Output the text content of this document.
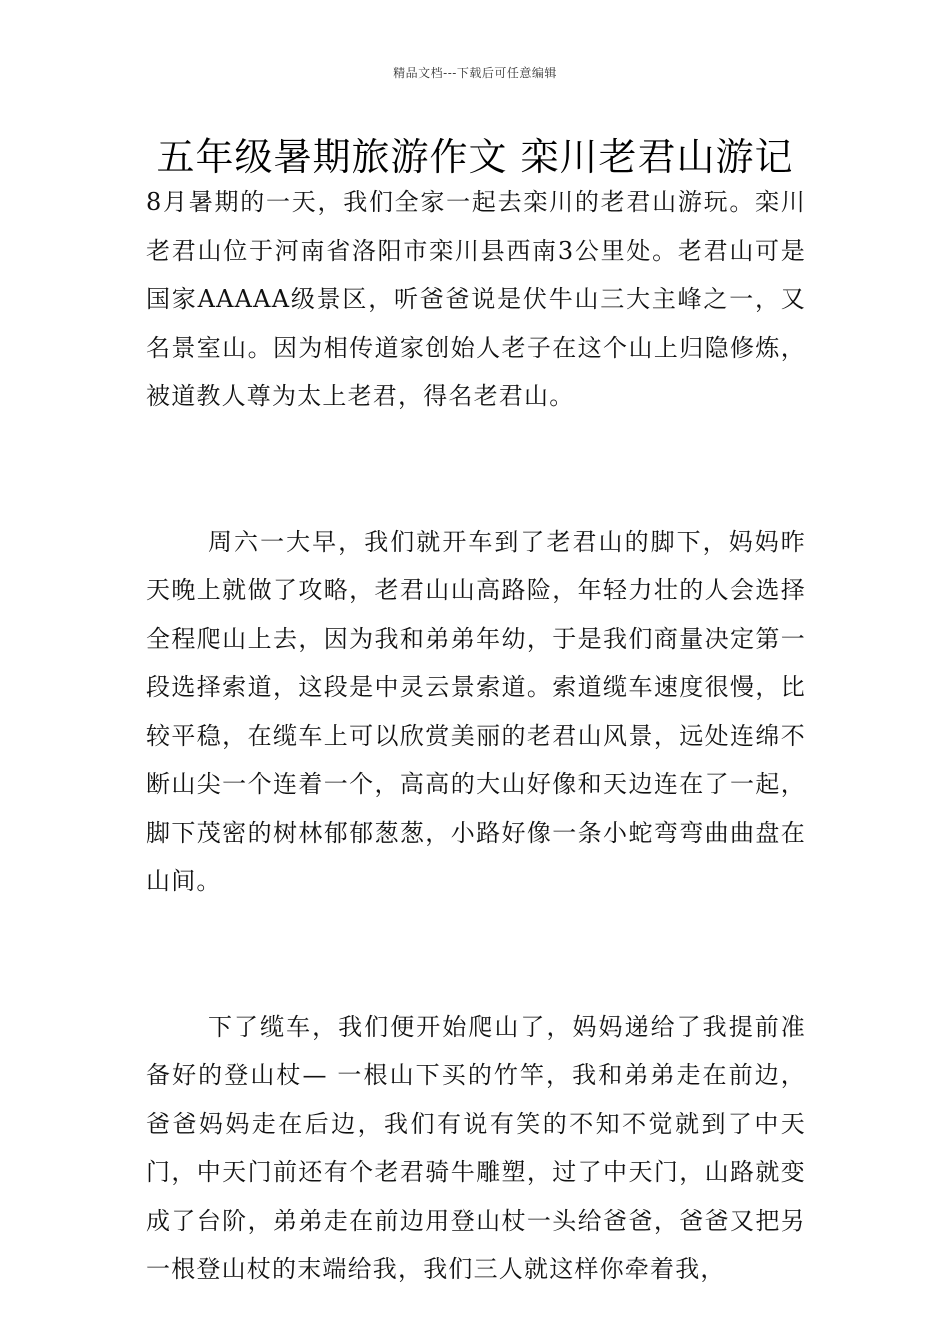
精品文档---下载后可任意编辑
五年级暑期旅游作文 栾川老君山游记

8月暑期的一天，我们全家一起去栾川的老君山游玩。栾川老君山位于河南省洛阳市栾川县西南3公里处。老君山可是国家AAAAA级景区，听爸爸说是伏牛山三大主峰之一，又名景室山。因为相传道家创始人老子在这个山上归隐修炼，被道教人尊为太上老君，得名老君山。

周六一大早，我们就开车到了老君山的脚下，妈妈昨天晚上就做了攻略，老君山山高路险，年轻力壮的人会选择全程爬山上去，因为我和弟弟年幼，于是我们商量决定第一段选择索道，这段是中灵云景索道。索道缆车速度很慢，比较平稳，在缆车上可以欣赏美丽的老君山风景，远处连绵不断山尖一个连着一个，高高的大山好像和天边连在了一起，脚下茂密的树林郁郁葱葱，小路好像一条小蛇弯弯曲曲盘在山间。

下了缆车，我们便开始爬山了，妈妈递给了我提前准备好的登山杖— 一根山下买的竹竿，我和弟弟走在前边，爸爸妈妈走在后边，我们有说有笑的不知不觉就到了中天门，中天门前还有个老君骑牛雕塑，过了中天门，山路就变成了台阶，弟弟走在前边用登山杖一头给爸爸，爸爸又把另一根登山杖的末端给我，我们三人就这样你牵着我，
